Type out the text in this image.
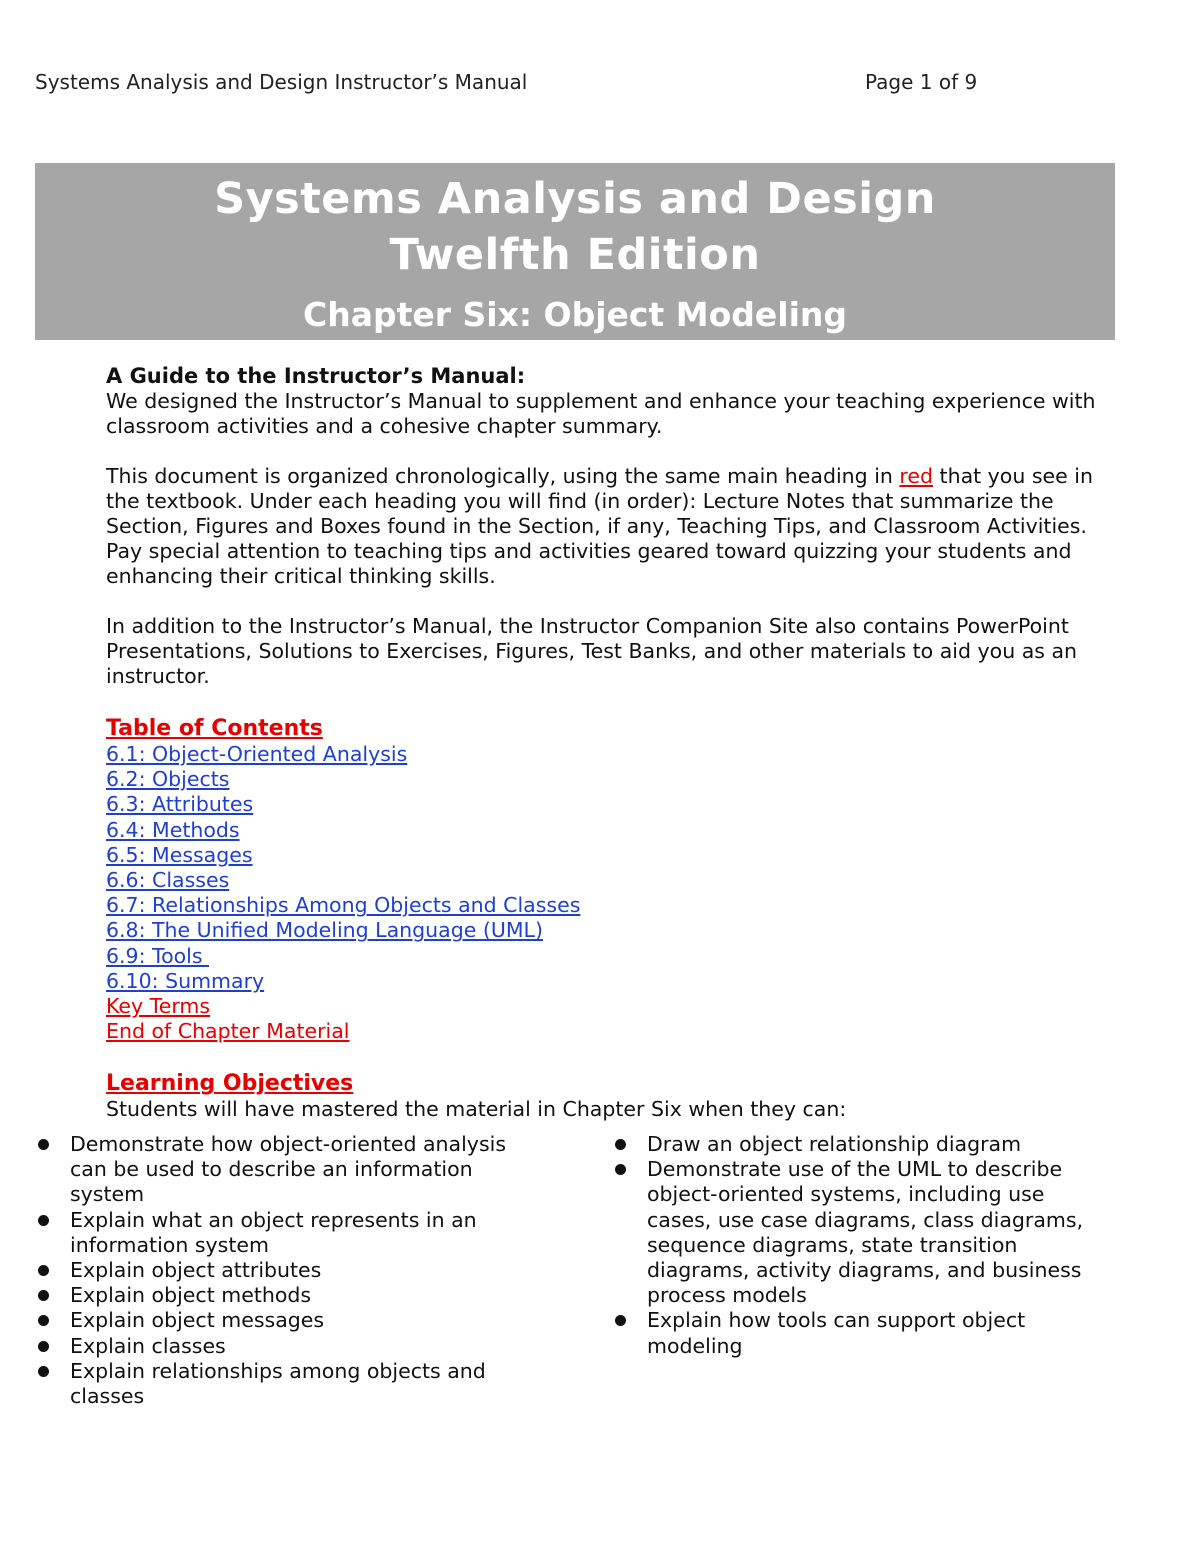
Systems Analysis and Design Instructor’s Manual	Page 1 of 9
Systems Analysis and Design
Twelfth Edition
Chapter Six: Object Modeling

A Guide to the Instructor’s Manual:

We designed the Instructor’s Manual to supplement and enhance your teaching experience with classroom activities and a cohesive chapter summary.

This document is organized chronologically, using the same main heading in red that you see in the textbook. Under each heading you will find (in order): Lecture Notes that summarize the Section, Figures and Boxes found in the Section, if any, Teaching Tips, and Classroom Activities. Pay special attention to teaching tips and activities geared toward quizzing your students and enhancing their critical thinking skills.

In addition to the Instructor’s Manual, the Instructor Companion Site also contains PowerPoint Presentations, Solutions to Exercises, Figures, Test Banks, and other materials to aid you as an instructor.

Table of Contents
6.1: Object-Oriented Analysis
6.2: Objects
6.3: Attributes
6.4: Methods
6.5: Messages
6.6: Classes
6.7: Relationships Among Objects and Classes
6.8: The Unified Modeling Language (UML)
6.9: Tools
6.10: Summary
Key Terms
End of Chapter Material
Learning Objectives

Students will have mastered the material in Chapter Six when they can:

Demonstrate how object-oriented analysis can be used to describe an information system
Explain what an object represents in an information system
Explain object attributes
Explain object methods
Explain object messages
Explain classes
Explain relationships among objects and classes
Draw an object relationship diagram
Demonstrate use of the UML to describe object-oriented systems, including use cases, use case diagrams, class diagrams, sequence diagrams, state transition diagrams, activity diagrams, and business process models
Explain how tools can support object modeling
